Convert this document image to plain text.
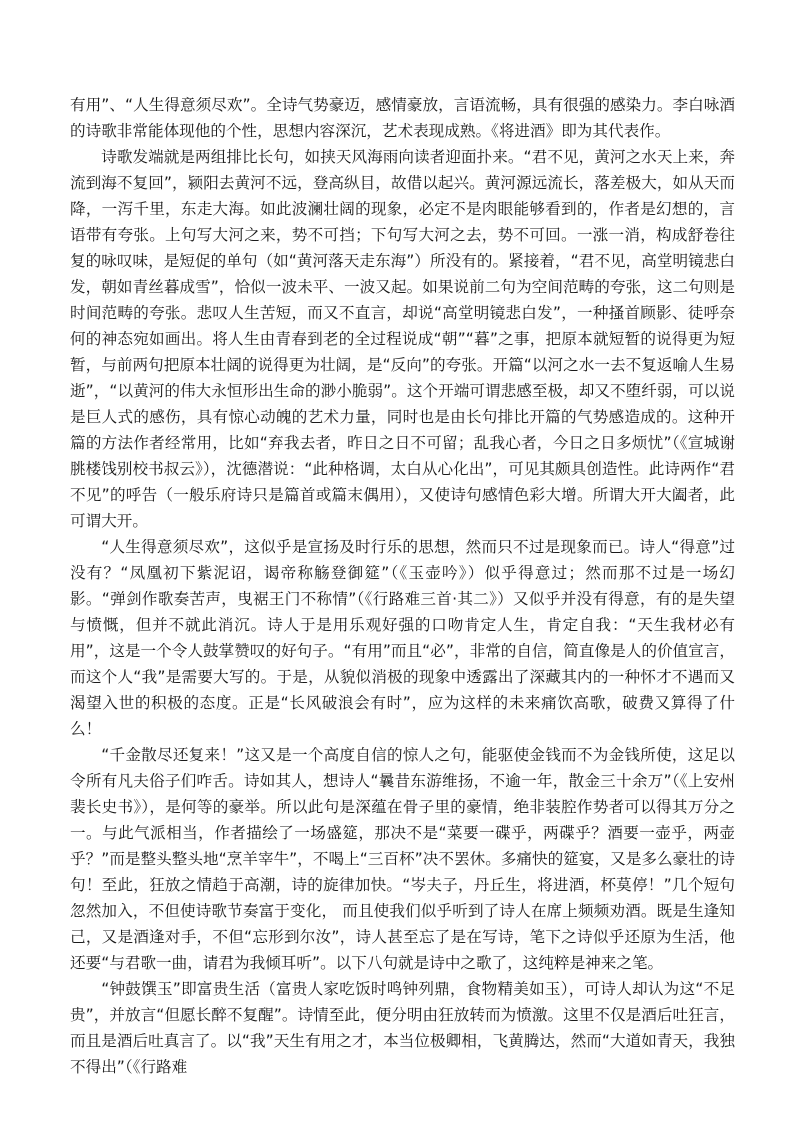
有用”、“人生得意须尽欢”。全诗气势豪迈，感情豪放，言语流畅，具有很强的感染力。李白咏酒的诗歌非常能体现他的个性，思想内容深沉，艺术表现成熟。《将进酒》即为其代表作。

诗歌发端就是两组排比长句，如挟天风海雨向读者迎面扑来。“君不见，黄河之水天上来，奔流到海不复回”，颍阳去黄河不远，登高纵目，故借以起兴。黄河源远流长，落差极大，如从天而降，一泻千里，东走大海。如此波澜壮阔的现象，必定不是肉眼能够看到的，作者是幻想的，言语带有夸张。上句写大河之来，势不可挡；下句写大河之去，势不可回。一涨一消，构成舒卷往复的咏叹味，是短促的单句（如“黄河落天走东海”）所没有的。紧接着，“君不见，高堂明镜悲白发，朝如青丝暮成雪”，恰似一波未平、一波又起。如果说前二句为空间范畴的夸张，这二句则是时间范畴的夸张。悲叹人生苦短，而又不直言，却说“高堂明镜悲白发”，一种搔首顾影、徒呼奈何的神态宛如画出。将人生由青春到老的全过程说成“朝”“暮”之事，把原本就短暂的说得更为短暂，与前两句把原本壮阔的说得更为壮阔，是“反向”的夸张。开篇“以河之水一去不复返喻人生易逝”，“以黄河的伟大永恒形出生命的渺小脆弱”。这个开端可谓悲感至极，却又不堕纤弱，可以说是巨人式的感伤，具有惊心动魄的艺术力量，同时也是由长句排比开篇的气势感造成的。这种开篇的方法作者经常用，比如“弃我去者，昨日之日不可留；乱我心者，今日之日多烦忧”（《宣城谢朓楼饯别校书叔云》），沈德潜说：“此种格调，太白从心化出”，可见其颇具创造性。此诗两作“君不见”的呼告（一般乐府诗只是篇首或篇末偶用），又使诗句感情色彩大增。所谓大开大阖者，此可谓大开。

“人生得意须尽欢”，这似乎是宣扬及时行乐的思想，然而只不过是现象而已。诗人“得意”过没有？“凤凰初下紫泥诏，谒帝称觞登御筵”（《玉壶吟》）似乎得意过；然而那不过是一场幻影。“弹剑作歌奏苦声，曳裾王门不称情”（《行路难三首·其二》）又似乎并没有得意，有的是失望与愤慨，但并不就此消沉。诗人于是用乐观好强的口吻肯定人生，肯定自我：“天生我材必有用”，这是一个令人鼓掌赞叹的好句子。“有用”而且“必”，非常的自信，简直像是人的价值宣言，而这个人“我”是需要大写的。于是，从貌似消极的现象中透露出了深藏其内的一种怀才不遇而又渴望入世的积极的态度。正是“长风破浪会有时”，应为这样的未来痛饮高歌，破费又算得了什么！

“千金散尽还复来！”这又是一个高度自信的惊人之句，能驱使金钱而不为金钱所使，这足以令所有凡夫俗子们咋舌。诗如其人，想诗人“曩昔东游维扬，不逾一年，散金三十余万”（《上安州裴长史书》），是何等的豪举。所以此句是深蕴在骨子里的豪情，绝非装腔作势者可以得其万分之一。与此气派相当，作者描绘了一场盛筵，那决不是“菜要一碟乎，两碟乎？酒要一壶乎，两壶乎？”而是整头整头地“烹羊宰牛”，不喝上“三百杯”决不罢休。多痛快的筵宴，又是多么豪壮的诗句！至此，狂放之情趋于高潮，诗的旋律加快。“岑夫子，丹丘生，将进酒，杯莫停！”几个短句忽然加入，不但使诗歌节奏富于变化， 而且使我们似乎听到了诗人在席上频频劝酒。既是生逢知己，又是酒逢对手，不但“忘形到尔汝”，诗人甚至忘了是在写诗，笔下之诗似乎还原为生活，他还要“与君歌一曲，请君为我倾耳听”。以下八句就是诗中之歌了，这纯粹是神来之笔。

“钟鼓馔玉”即富贵生活（富贵人家吃饭时鸣钟列鼎，食物精美如玉），可诗人却认为这“不足贵”，并放言“但愿长醉不复醒”。诗情至此，便分明由狂放转而为愤激。这里不仅是酒后吐狂言，而且是酒后吐真言了。以“我”天生有用之才，本当位极卿相，飞黄腾达，然而“大道如青天，我独不得出”（《行路难
